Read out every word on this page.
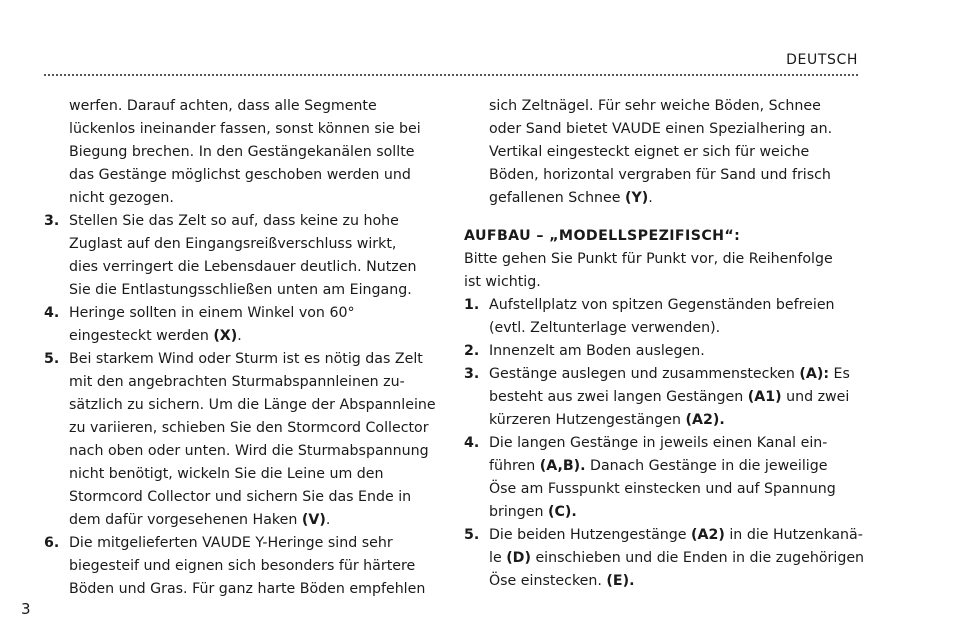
DEUTSCH
werfen. Darauf achten, dass alle Segmente
lückenlos ineinander fassen, sonst können sie bei
Biegung brechen. In den Gestängekanälen sollte
das Gestänge möglichst geschoben werden und
nicht gezogen.
3. Stellen Sie das Zelt so auf, dass keine zu hohe
Zuglast auf den Eingangsreißverschluss wirkt,
dies verringert die Lebensdauer deutlich. Nutzen
Sie die Entlastungsschließen unten am Eingang.
4. Heringe sollten in einem Winkel von 60°
eingesteckt werden (X).
5. Bei starkem Wind oder Sturm ist es nötig das Zelt
mit den angebrachten Sturmabspannleinen zu-
sätzlich zu sichern. Um die Länge der Abspannleine
zu variieren, schieben Sie den Stormcord Collector
nach oben oder unten. Wird die Sturmabspannung
nicht benötigt, wickeln Sie die Leine um den
Stormcord Collector und sichern Sie das Ende in
dem dafür vorgesehenen Haken (V).
6. Die mitgelieferten VAUDE Y-Heringe sind sehr
biegesteif und eignen sich besonders für härtere
Böden und Gras. Für ganz harte Böden empfehlen
sich Zeltnägel. Für sehr weiche Böden, Schnee
oder Sand bietet VAUDE einen Spezialhering an.
Vertikal eingesteckt eignet er sich für weiche
Böden, horizontal vergraben für Sand und frisch
gefallenen Schnee (Y).
AUFBAU – „MODELLSPEZIFISCH“:
Bitte gehen Sie Punkt für Punkt vor, die Reihenfolge
ist wichtig.
1. Aufstellplatz von spitzen Gegenständen befreien
(evtl. Zeltunterlage verwenden).
2. Innenzelt am Boden auslegen.
3. Gestänge auslegen und zusammenstecken (A): Es
besteht aus zwei langen Gestängen (A1) und zwei
kürzeren Hutzengestängen (A2).
4. Die langen Gestänge in jeweils einen Kanal ein-
führen (A,B). Danach Gestänge in die jeweilige
Öse am Fusspunkt einstecken und auf Spannung
bringen (C).
5. Die beiden Hutzengestänge (A2) in die Hutzenkanä-
le (D) einschieben und die Enden in die zugehörigen
Öse einstecken. (E).
3
